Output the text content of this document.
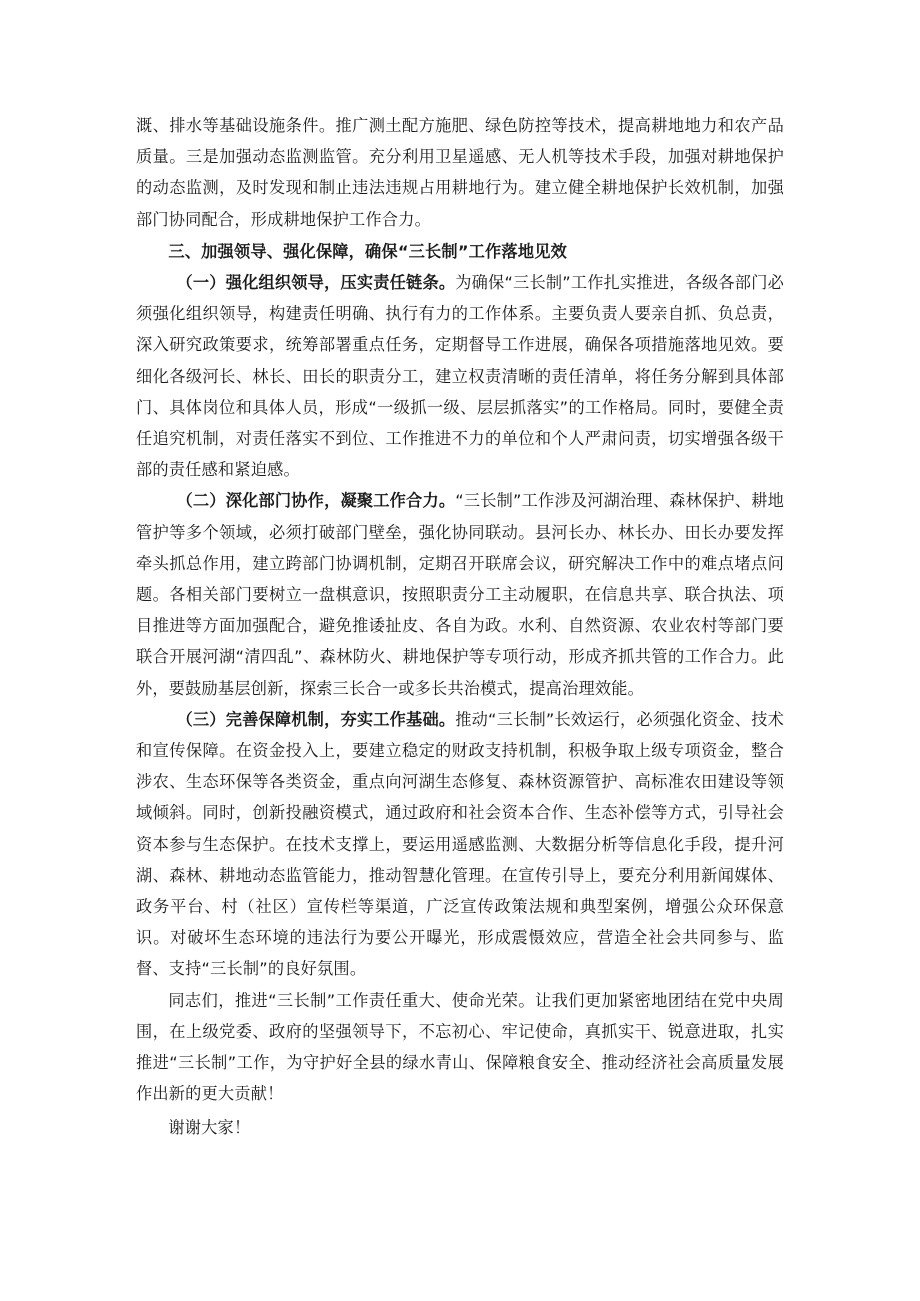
溉、排水等基础设施条件。推广测土配方施肥、绿色防控等技术，提高耕地地力和农产品质量。三是加强动态监测监管。充分利用卫星遥感、无人机等技术手段，加强对耕地保护的动态监测，及时发现和制止违法违规占用耕地行为。建立健全耕地保护长效机制，加强部门协同配合，形成耕地保护工作合力。

三、加强领导、强化保障，确保“三长制”工作落地见效

（一）强化组织领导，压实责任链条。为确保“三长制”工作扎实推进，各级各部门必须强化组织领导，构建责任明确、执行有力的工作体系。主要负责人要亲自抓、负总责，深入研究政策要求，统筹部署重点任务，定期督导工作进展，确保各项措施落地见效。要细化各级河长、林长、田长的职责分工，建立权责清晰的责任清单，将任务分解到具体部门、具体岗位和具体人员，形成“一级抓一级、层层抓落实”的工作格局。同时，要健全责任追究机制，对责任落实不到位、工作推进不力的单位和个人严肃问责，切实增强各级干部的责任感和紧迫感。

（二）深化部门协作，凝聚工作合力。“三长制”工作涉及河湖治理、森林保护、耕地管护等多个领域，必须打破部门壁垒，强化协同联动。县河长办、林长办、田长办要发挥牵头抓总作用，建立跨部门协调机制，定期召开联席会议，研究解决工作中的难点堵点问题。各相关部门要树立一盘棋意识，按照职责分工主动履职，在信息共享、联合执法、项目推进等方面加强配合，避免推诿扯皮、各自为政。水利、自然资源、农业农村等部门要联合开展河湖“清四乱”、森林防火、耕地保护等专项行动，形成齐抓共管的工作合力。此外，要鼓励基层创新，探索三长合一或多长共治模式，提高治理效能。

（三）完善保障机制，夯实工作基础。推动“三长制”长效运行，必须强化资金、技术和宣传保障。在资金投入上，要建立稳定的财政支持机制，积极争取上级专项资金，整合涉农、生态环保等各类资金，重点向河湖生态修复、森林资源管护、高标准农田建设等领域倾斜。同时，创新投融资模式，通过政府和社会资本合作、生态补偿等方式，引导社会资本参与生态保护。在技术支撑上，要运用遥感监测、大数据分析等信息化手段，提升河湖、森林、耕地动态监管能力，推动智慧化管理。在宣传引导上，要充分利用新闻媒体、政务平台、村（社区）宣传栏等渠道，广泛宣传政策法规和典型案例，增强公众环保意识。对破坏生态环境的违法行为要公开曝光，形成震慑效应，营造全社会共同参与、监督、支持“三长制”的良好氛围。

同志们，推进“三长制”工作责任重大、使命光荣。让我们更加紧密地团结在党中央周围，在上级党委、政府的坚强领导下，不忘初心、牢记使命，真抓实干、锐意进取，扎实推进“三长制”工作，为守护好全县的绿水青山、保障粮食安全、推动经济社会高质量发展作出新的更大贡献！

谢谢大家！
